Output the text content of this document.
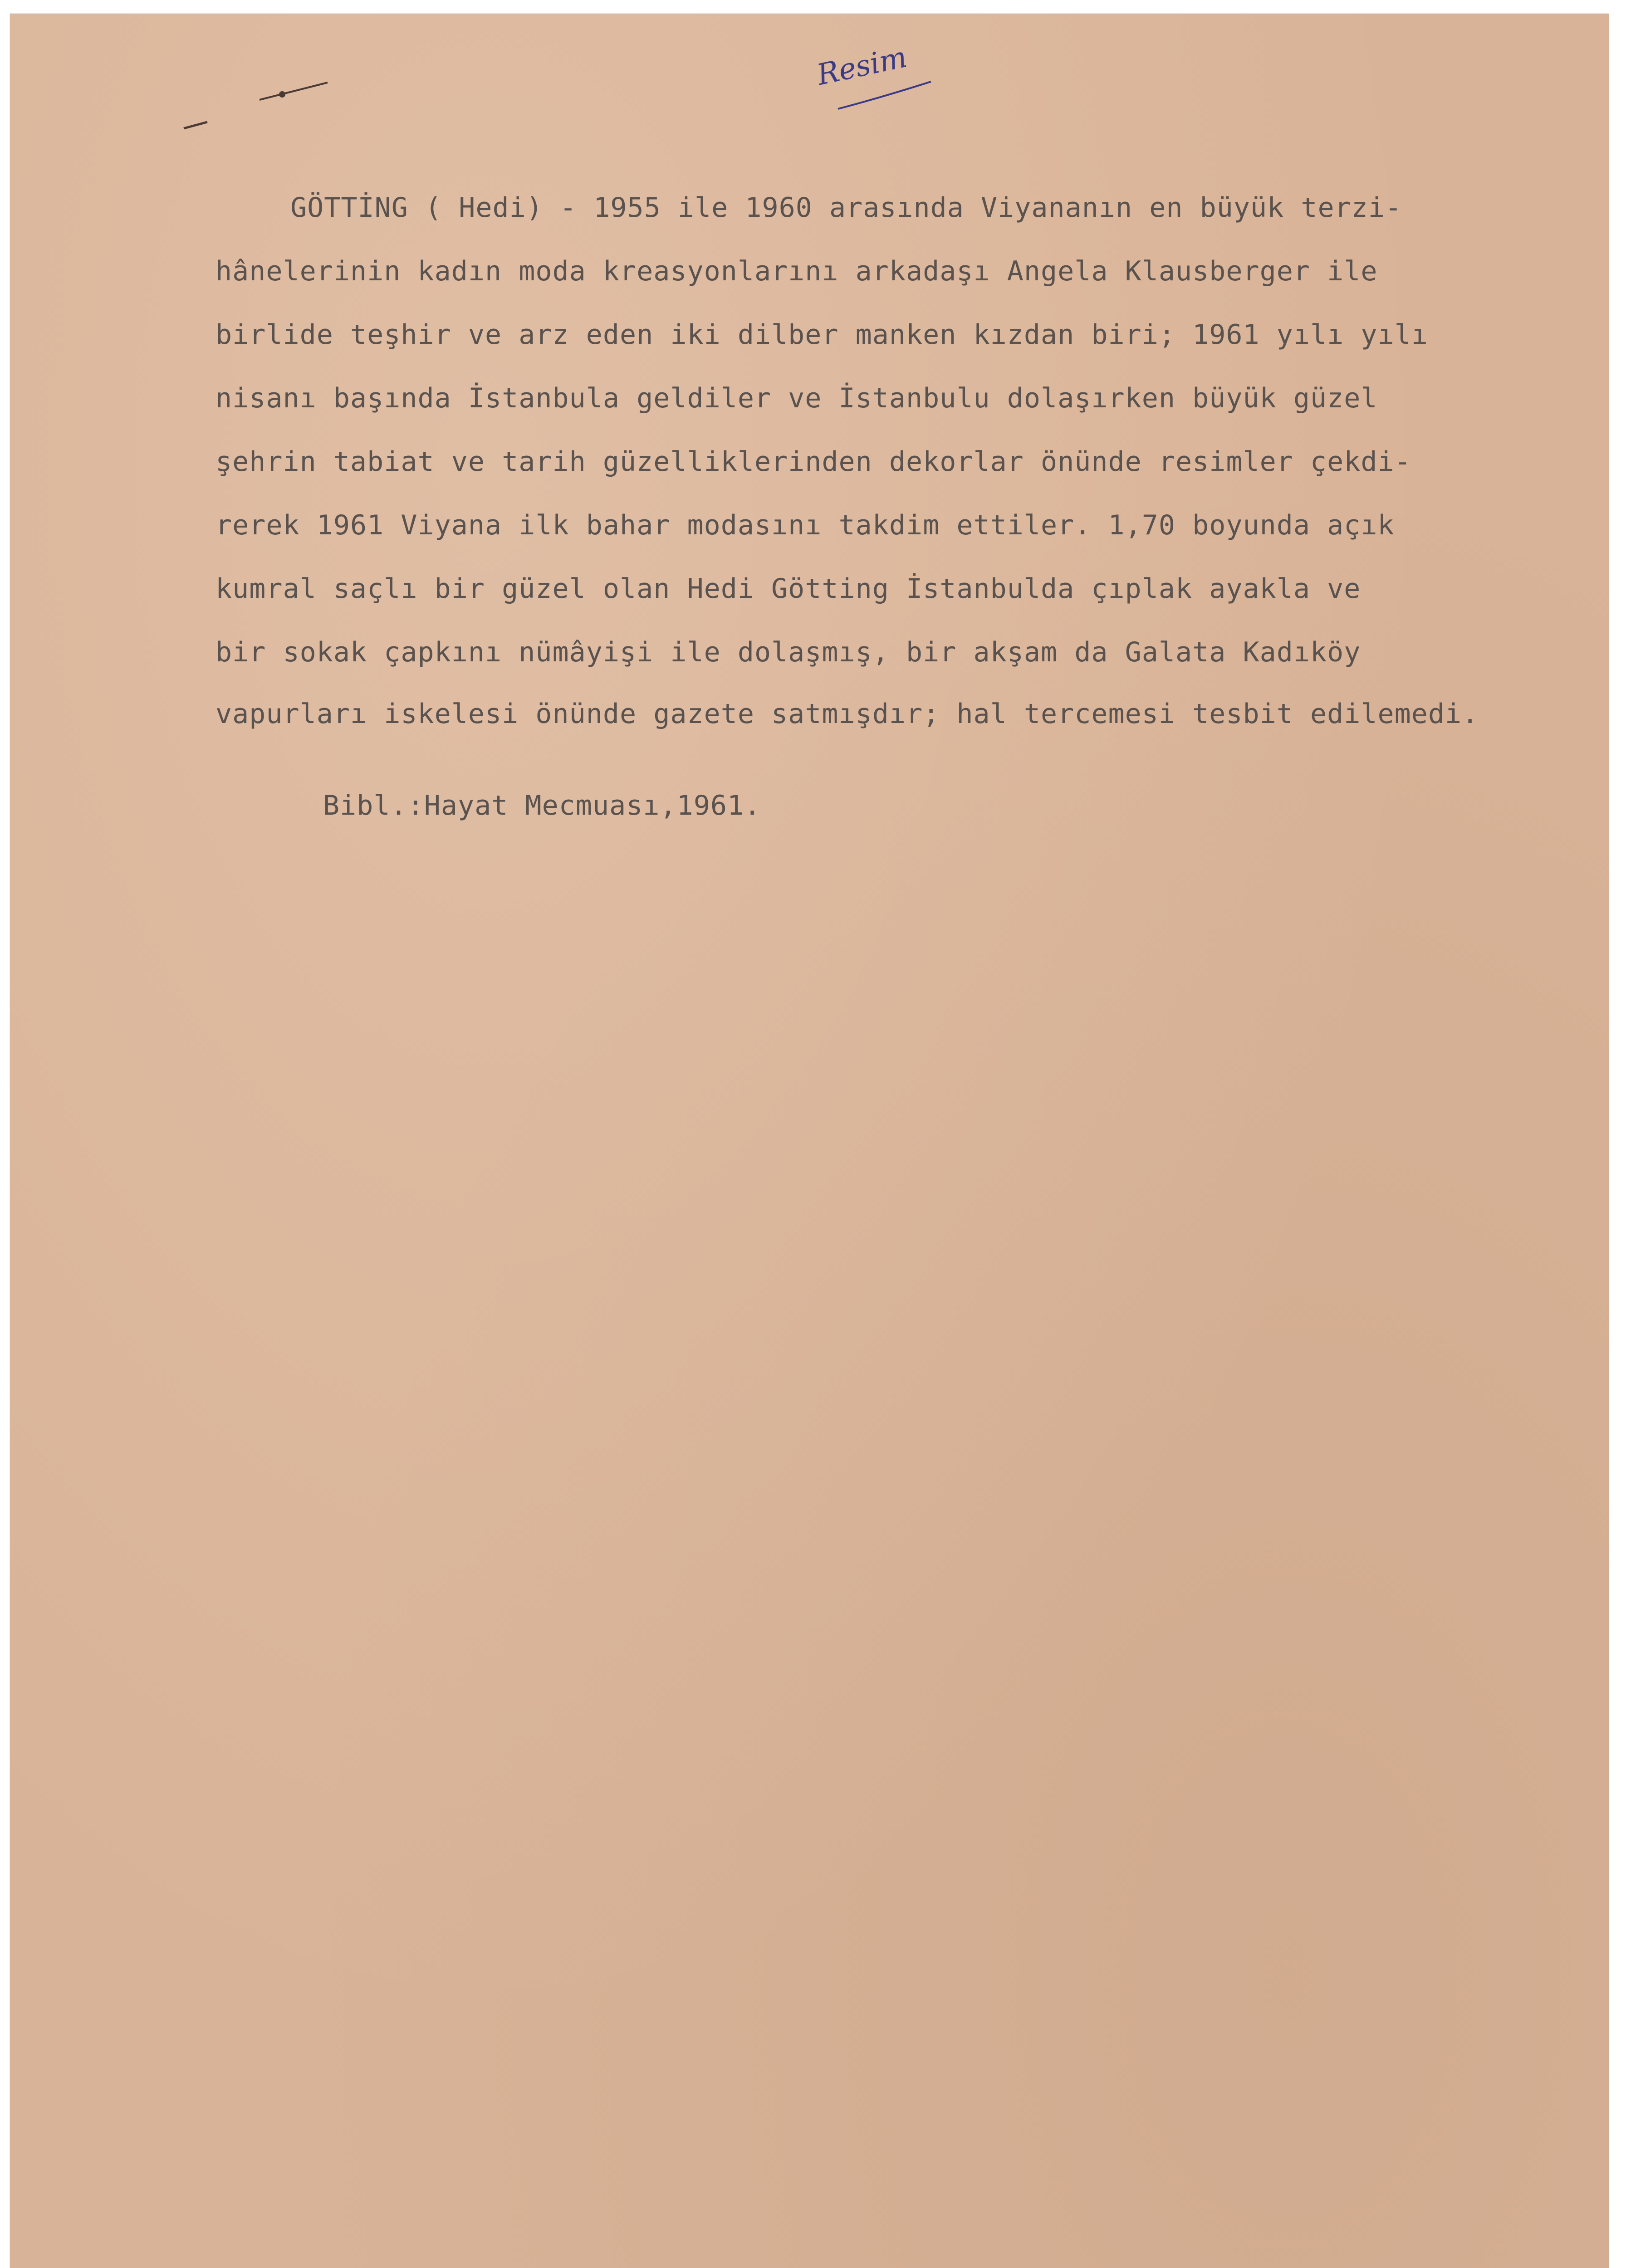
Resim

GÖTTİNG ( Hedi) - 1955 ile 1960 arasında Viyananın en büyük terzi-

hânelerinin kadın moda kreasyonlarını arkadaşı Angela Klausberger ile

birlide teşhir ve arz eden iki dilber manken kızdan biri; 1961 yılı yılı

nisanı başında İstanbula geldiler ve İstanbulu dolaşırken büyük güzel

şehrin tabiat ve tarih güzelliklerinden dekorlar önünde resimler çekdi-

rerek 1961 Viyana ilk bahar modasını takdim ettiler. 1,70 boyunda açık

kumral saçlı bir güzel olan Hedi Götting İstanbulda çıplak ayakla ve

bir sokak çapkını nümâyişi ile dolaşmış, bir akşam da Galata Kadıköy

vapurları iskelesi önünde gazete satmışdır; hal tercemesi tesbit edilemedi.

Bibl.:Hayat Mecmuası,1961.
